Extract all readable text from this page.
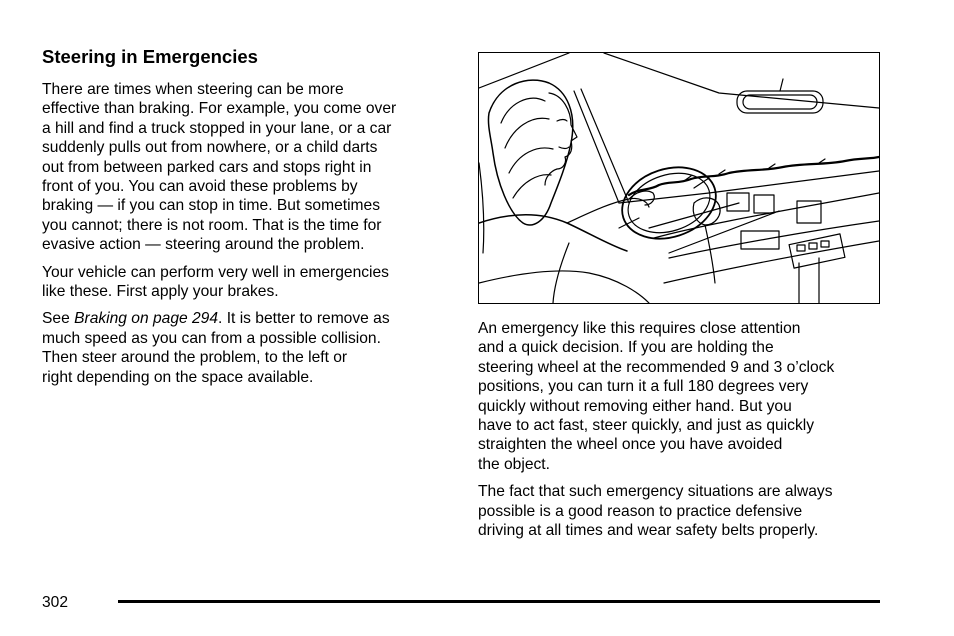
Steering in Emergencies

There are times when steering can be more
effective than braking. For example, you come over
a hill and find a truck stopped in your lane, or a car
suddenly pulls out from nowhere, or a child darts
out from between parked cars and stops right in
front of you. You can avoid these problems by
braking — if you can stop in time. But sometimes
you cannot; there is not room. That is the time for
evasive action — steering around the problem.

Your vehicle can perform very well in emergencies
like these. First apply your brakes.

See Braking on page 294. It is better to remove as
much speed as you can from a possible collision.
Then steer around the problem, to the left or
right depending on the space available.

An emergency like this requires close attention
and a quick decision. If you are holding the
steering wheel at the recommended 9 and 3 o’clock
positions, you can turn it a full 180 degrees very
quickly without removing either hand. But you
have to act fast, steer quickly, and just as quickly
straighten the wheel once you have avoided
the object.

The fact that such emergency situations are always
possible is a good reason to practice defensive
driving at all times and wear safety belts properly.

302
